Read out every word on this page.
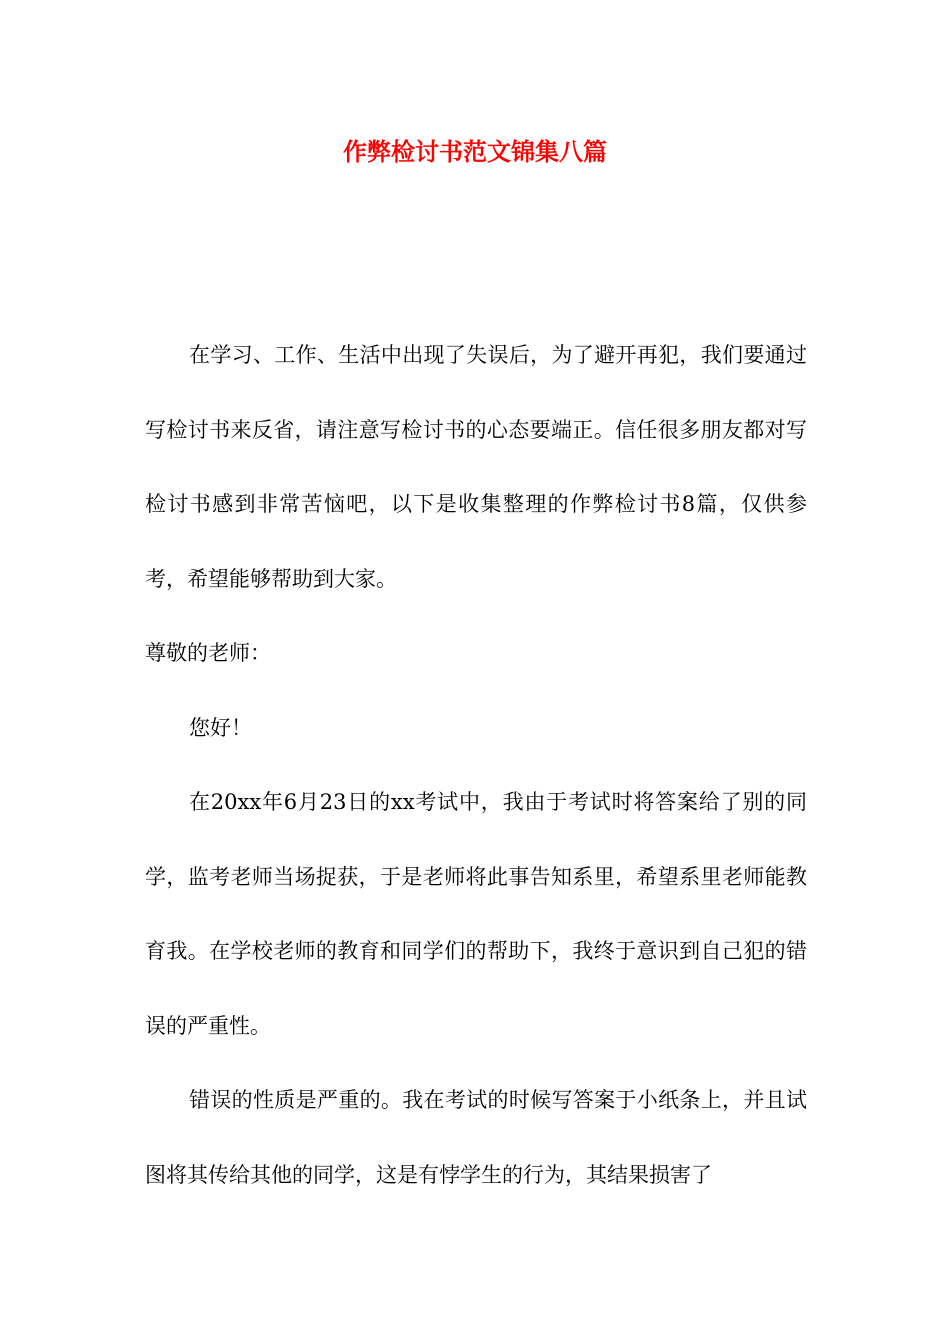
作弊检讨书范文锦集八篇

在学习、工作、生活中出现了失误后，为了避开再犯，我们要通过写检讨书来反省，请注意写检讨书的心态要端正。信任很多朋友都对写检讨书感到非常苦恼吧，以下是收集整理的作弊检讨书8篇，仅供参考，希望能够帮助到大家。

尊敬的老师：

您好！

在20xx年6月23日的xx考试中，我由于考试时将答案给了别的同学，监考老师当场捉获，于是老师将此事告知系里，希望系里老师能教育我。在学校老师的教育和同学们的帮助下，我终于意识到自己犯的错误的严重性。

错误的性质是严重的。我在考试的时候写答案于小纸条上，并且试图将其传给其他的同学，这是有悖学生的行为，其结果损害了
